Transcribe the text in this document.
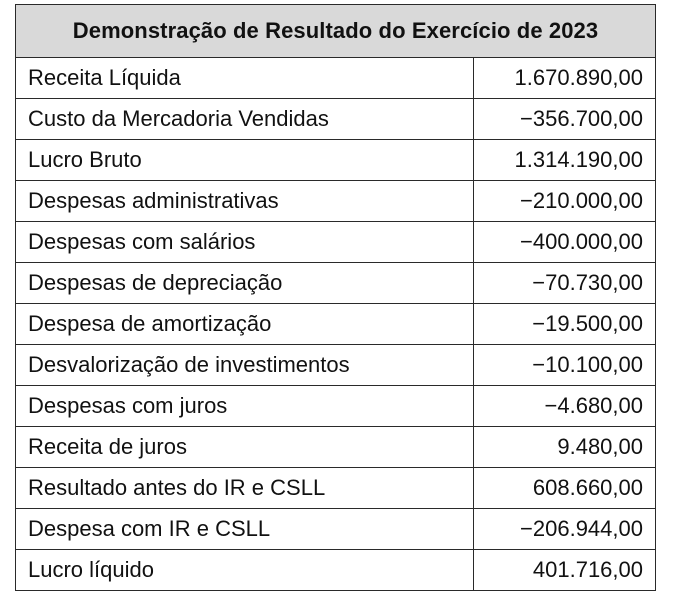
Demonstração de Resultado do Exercício de 2023	
Receita Líquida	1.670.890,00
Custo da Mercadoria Vendidas	−356.700,00
Lucro Bruto	1.314.190,00
Despesas administrativas	−210.000,00
Despesas com salários	−400.000,00
Despesas de depreciação	−70.730,00
Despesa de amortização	−19.500,00
Desvalorização de investimentos	−10.100,00
Despesas com juros	−4.680,00
Receita de juros	9.480,00
Resultado antes do IR e CSLL	608.660,00
Despesa com IR e CSLL	−206.944,00
Lucro líquido	401.716,00
